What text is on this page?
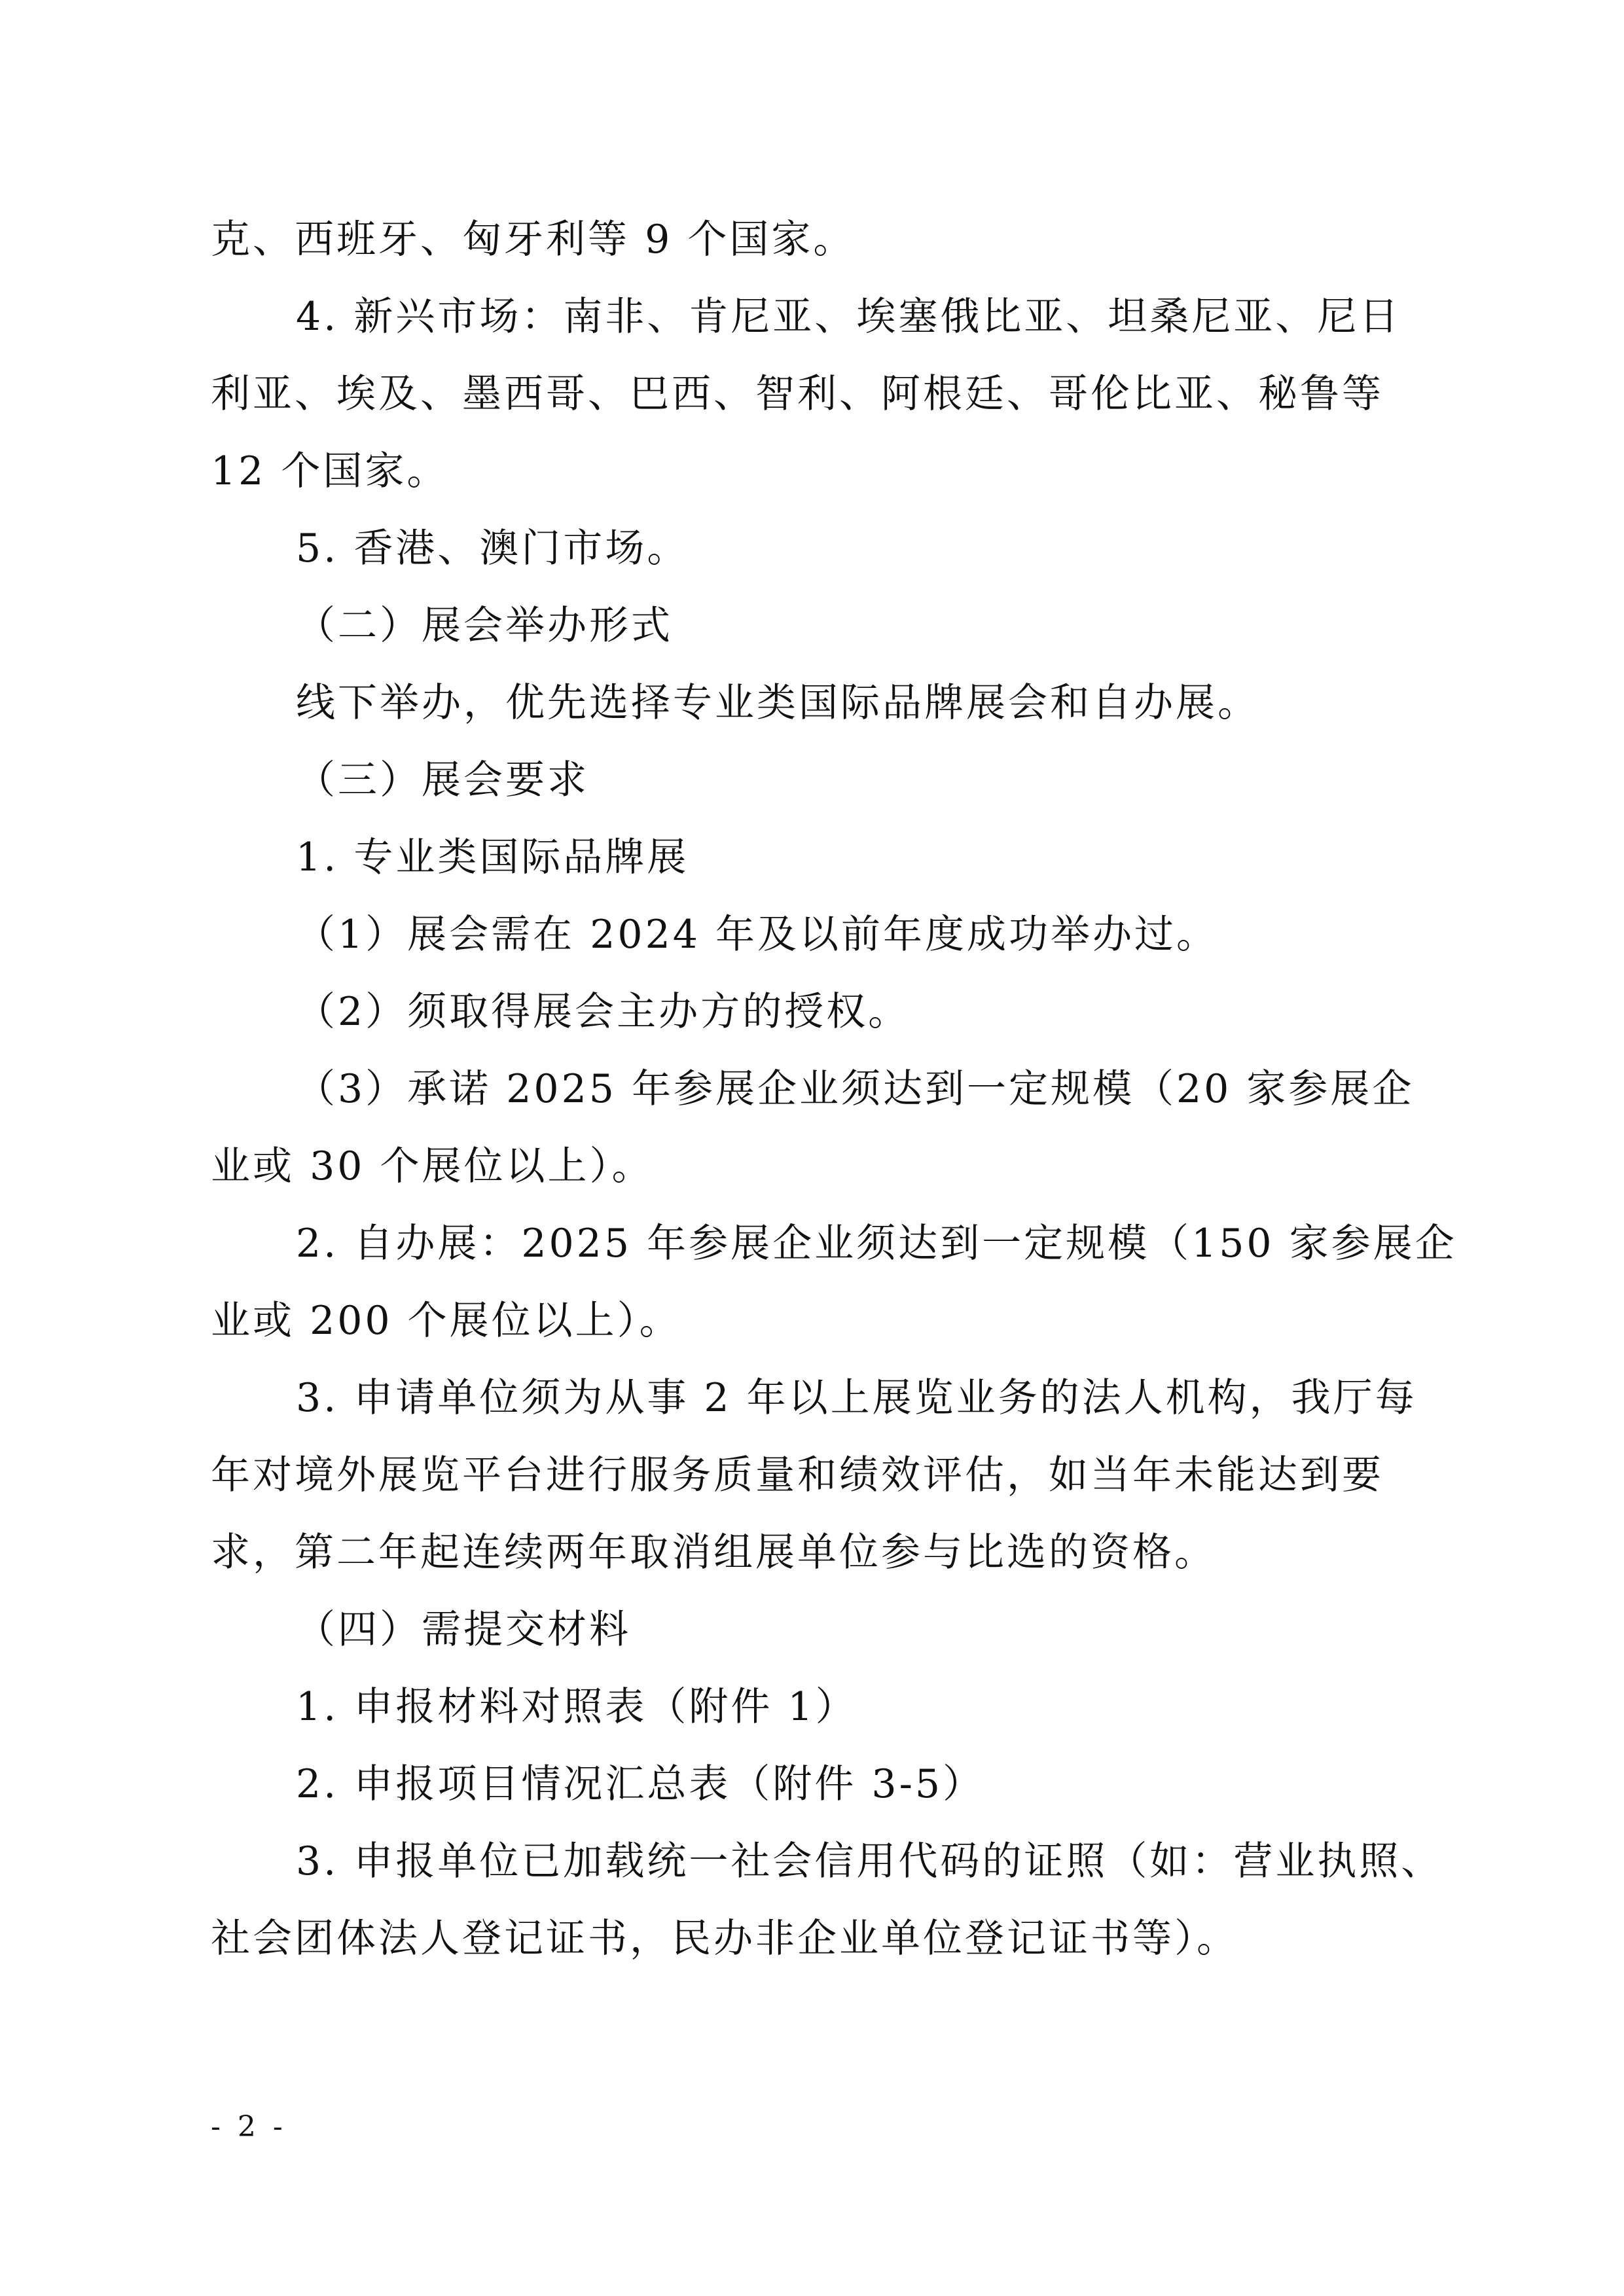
克、西班牙、匈牙利等 9 个国家。
4. 新兴市场：南非、肯尼亚、埃塞俄比亚、坦桑尼亚、尼日
利亚、埃及、墨西哥、巴西、智利、阿根廷、哥伦比亚、秘鲁等
12 个国家。
5. 香港、澳门市场。
（二）展会举办形式
线下举办，优先选择专业类国际品牌展会和自办展。
（三）展会要求
1. 专业类国际品牌展
（1）展会需在 2024 年及以前年度成功举办过。
（2）须取得展会主办方的授权。
（3）承诺 2025 年参展企业须达到一定规模（20 家参展企
业或 30 个展位以上）。
2. 自办展：2025 年参展企业须达到一定规模（150 家参展企
业或 200 个展位以上）。
3. 申请单位须为从事 2 年以上展览业务的法人机构，我厅每
年对境外展览平台进行服务质量和绩效评估，如当年未能达到要
求，第二年起连续两年取消组展单位参与比选的资格。
（四）需提交材料
1. 申报材料对照表（附件 1）
2. 申报项目情况汇总表（附件 3-5）
3. 申报单位已加载统一社会信用代码的证照（如：营业执照、
社会团体法人登记证书，民办非企业单位登记证书等）。
- 2 -
